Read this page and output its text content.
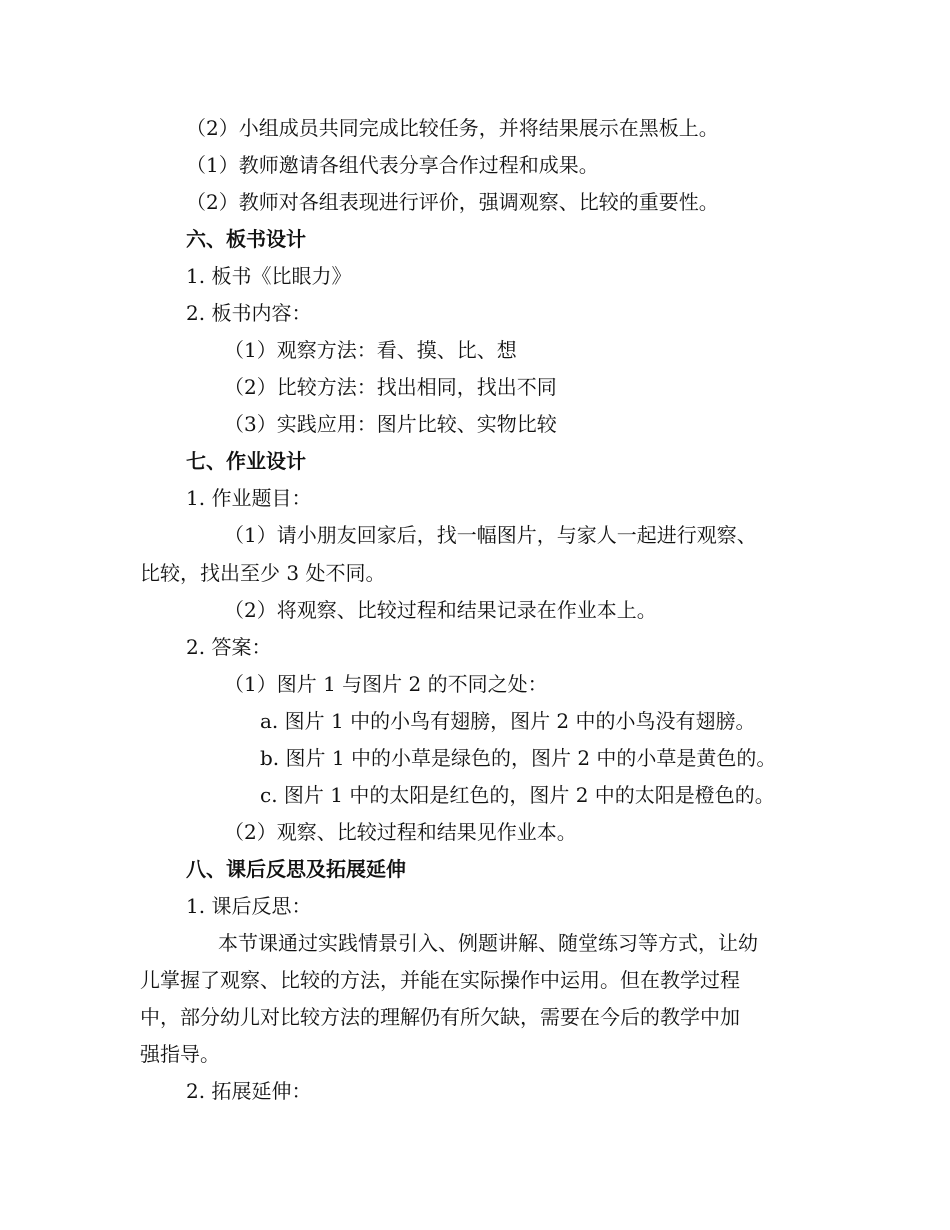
（2）小组成员共同完成比较任务，并将结果展示在黑板上。
（1）教师邀请各组代表分享合作过程和成果。
（2）教师对各组表现进行评价，强调观察、比较的重要性。
六、板书设计
1. 板书《比眼力》
2. 板书内容：
（1）观察方法：看、摸、比、想
（2）比较方法：找出相同，找出不同
（3）实践应用：图片比较、实物比较
七、作业设计
1. 作业题目：
（1）请小朋友回家后，找一幅图片，与家人一起进行观察、
比较，找出至少 3 处不同。
（2）将观察、比较过程和结果记录在作业本上。
2. 答案：
（1）图片 1 与图片 2 的不同之处：
a. 图片 1 中的小鸟有翅膀，图片 2 中的小鸟没有翅膀。
b. 图片 1 中的小草是绿色的，图片 2 中的小草是黄色的。
c. 图片 1 中的太阳是红色的，图片 2 中的太阳是橙色的。
（2）观察、比较过程和结果见作业本。
八、课后反思及拓展延伸
1. 课后反思：
本节课通过实践情景引入、例题讲解、随堂练习等方式，让幼
儿掌握了观察、比较的方法，并能在实际操作中运用。但在教学过程
中，部分幼儿对比较方法的理解仍有所欠缺，需要在今后的教学中加
强指导。
2. 拓展延伸：
